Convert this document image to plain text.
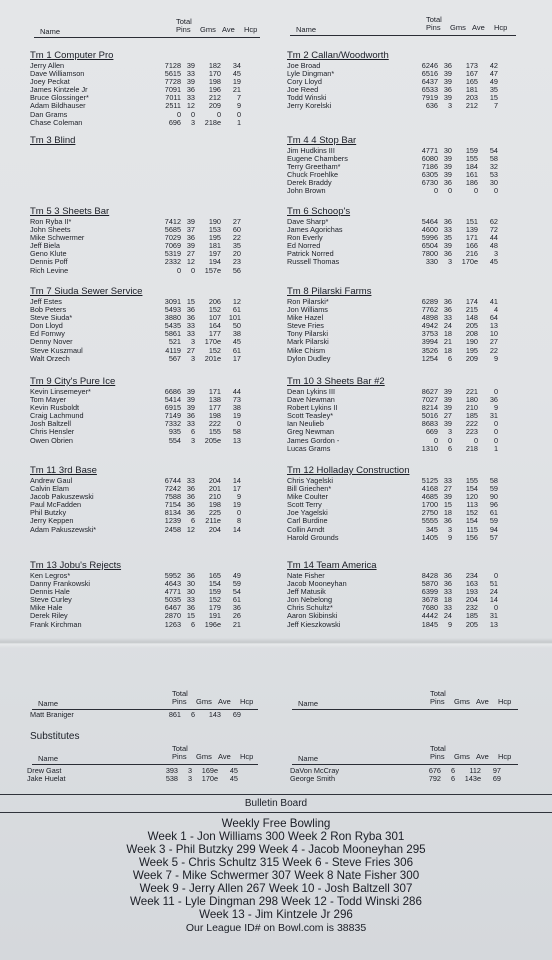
Total
Pins
Name	Gms Ave Hcp
Total
Pins
Name	Gms Ave Hcp
Tm 1 Computer Pro
Jerry Allen	7128 39	182	34
Dave Williamson	5615 33	170	45
Joey Peckat	7728 39	198	19
James Kintzele Jr	7091 36	196	21
Bruce Glossinger*	7011 33	212	7
Adam Bildhauser	2511 12	209	9
Dan Grams	0	0	0	0
Chase Coleman	696	3	218e	1
Tm 2 Callan/Woodworth
Joe Broad	6246 36	173	42
Lyle Dingman*	6516 39	167	47
Cory Lloyd	6437 39	165	49
Joe Reed	6533 36	181	35
Todd Winski	7919 39	203	15
Jerry Korelski	636	3	212	7
Tm 3 Blind	Tm 4 4 Stop Bar
Jim Hudkins III	4771 30	159	54
Eugene Chambers	6080 39	155	58
Terry Greetham*	7186 39	184	32
Chuck Froehlke	6305 39	161	53
Derek Braddy	6730 36	186	30
John Brown	0	0	0	0
Tm 5 3 Sheets Bar
Ron Ryba II*	7412 39	190	27
John Sheets	5685 37	153	60
Mike Schwermer	7029 36	195	22
Jeff Biela	7069 39	181	35
Geno Klute	5319 27	197	20
Dennis Poff	2332 12	194	23
Rich Levine	0	0	157e	56
Tm 6 Schoop's
Dave Sharp*	5464 36	151	62
James Agorichas	4600 33	139	72
Ron Everly	5996 35	171	44
Ed Norred	6504 39	166	48
Patrick Norred	7800 36	216	3
Russell Thomas	330	3	170e	45
Tm 7 Siuda Sewer Service
Jeff Estes	3091 15	206	12
Bob Peters	5493 36	152	61
Steve Siuda*	3880 36	107	101
Don Lloyd	5435 33	164	50
Ed Fornwy	5861 33	177	38
Denny Nover	521	3	170e	45
Steve Kuszmaul	4119 27	152	61
Walt Orzech	567	3	201e	17
Tm 8 Pilarski Farms
Ron Pilarski*	6289 36	174	41
Jon Williams	7762 36	215	4
Mike Hazel	4898 33	148	64
Steve Fries	4942 24	205	13
Tony Pilarski	3753 18	208	10
Mark Pilarski	3994 21	190	27
Mike Chism	3526 18	195	22
Dylon Dudley	1254	6	209	9
Tm 9 City's Pure Ice
Kevin Linsemeyer*	6686 39	171	44
Tom Mayer	5414 39	138	73
Kevin Rusboldt	6915 39	177	38
Craig Lachmund	7149 36	198	19
Josh Baltzell	7332 33	222	0
Chris Hensler	935	6	155	58
Owen Obrien	554	3	205e	13
Tm 10 3 Sheets Bar #2
Dean Lykins III	8627 39	221	0
Dave Newman	7027 39	180	36
Robert Lykins II	8214 39	210	9
Scott Teasley*	5016 27	185	31
Ian Neulieb	8683 39	222	0
Greg Newman	669	3	223	0
James Gordon -	0	0	0	0
Lucas Grams	1310	6	218	1
Tm 11 3rd Base
Andrew Gaul	6744 33	204	14
Calvin Elam	7242 36	201	17
Jacob Pakuszewski	7588 36	210	9
Paul McFadden	7154 36	198	19
Phil Butzky	8134 36	225	0
Jerry Keppen	1239	6	211e	8
Adam Pakuszewski*	2458 12	204	14
Tm 12 Holladay Construction
Chris Yagelski	5125 33	155	58
Bill Griechen*	4168 27	154	59
Mike Coulter	4685 39	120	90
Scott Terry	1700 15	113	96
Joe Yagelski	2750 18	152	61
Carl Burdine	5555 36	154	59
Collin Arndt	345	3	115	94
Harold Grounds	1405	9	156	57
Tm 13 Jobu's Rejects
Ken Legros*	5952 36	165	49
Danny Frankowski	4643 30	154	59
Dennis Hale	4771 30	159	54
Steve Curley	5035 33	152	61
Mike Hale	6467 36	179	36
Derek Riley	2870 15	191	26
Frank Kirchman	1263	6	196e	21
Tm 14 Team America
Nate Fisher	8428 36	234	0
Jacob Mooneyhan	5870 36	163	51
Jeff Matusik	6399 33	193	24
Jon Nebelong	3678 18	204	14
Chris Schultz*	7680 33	232	0
Aaron Skibinski	4442 24	185	31
Jeff Kieszkowski	1845	9	205	13
Total
Pins
Name	Gms Ave Hcp
Total
Pins
Name	Gms Ave Hcp
Matt Braniger	861	6	143	69
Substitutes
Total
Pins
Name	Gms Ave Hcp
Total
Pins
Name	Gms Ave Hcp
Drew Gast	393	3	169e	45
Jake Huelat	538	3	170e	45
DaVon McCray	676	6	112	97
George Smith	792	6	143e	69
Bulletin Board
Weekly Free Bowling
Week 1 - Jon Williams 300 Week 2 Ron Ryba 301
Week 3 - Phil Butzky 299 Week 4 - Jacob Mooneyhan 295
Week 5 - Chris Schultz 315 Week 6 - Steve Fries 306
Week 7 - Mike Schwermer 307 Week 8 Nate Fisher 300
Week 9 - Jerry Allen 267 Week 10 - Josh Baltzell 307
Week 11 - Lyle Dingman 298 Week 12 - Todd Winski 286
Week 13 - Jim Kintzele Jr 296
Our League ID# on Bowl.com is 38835
